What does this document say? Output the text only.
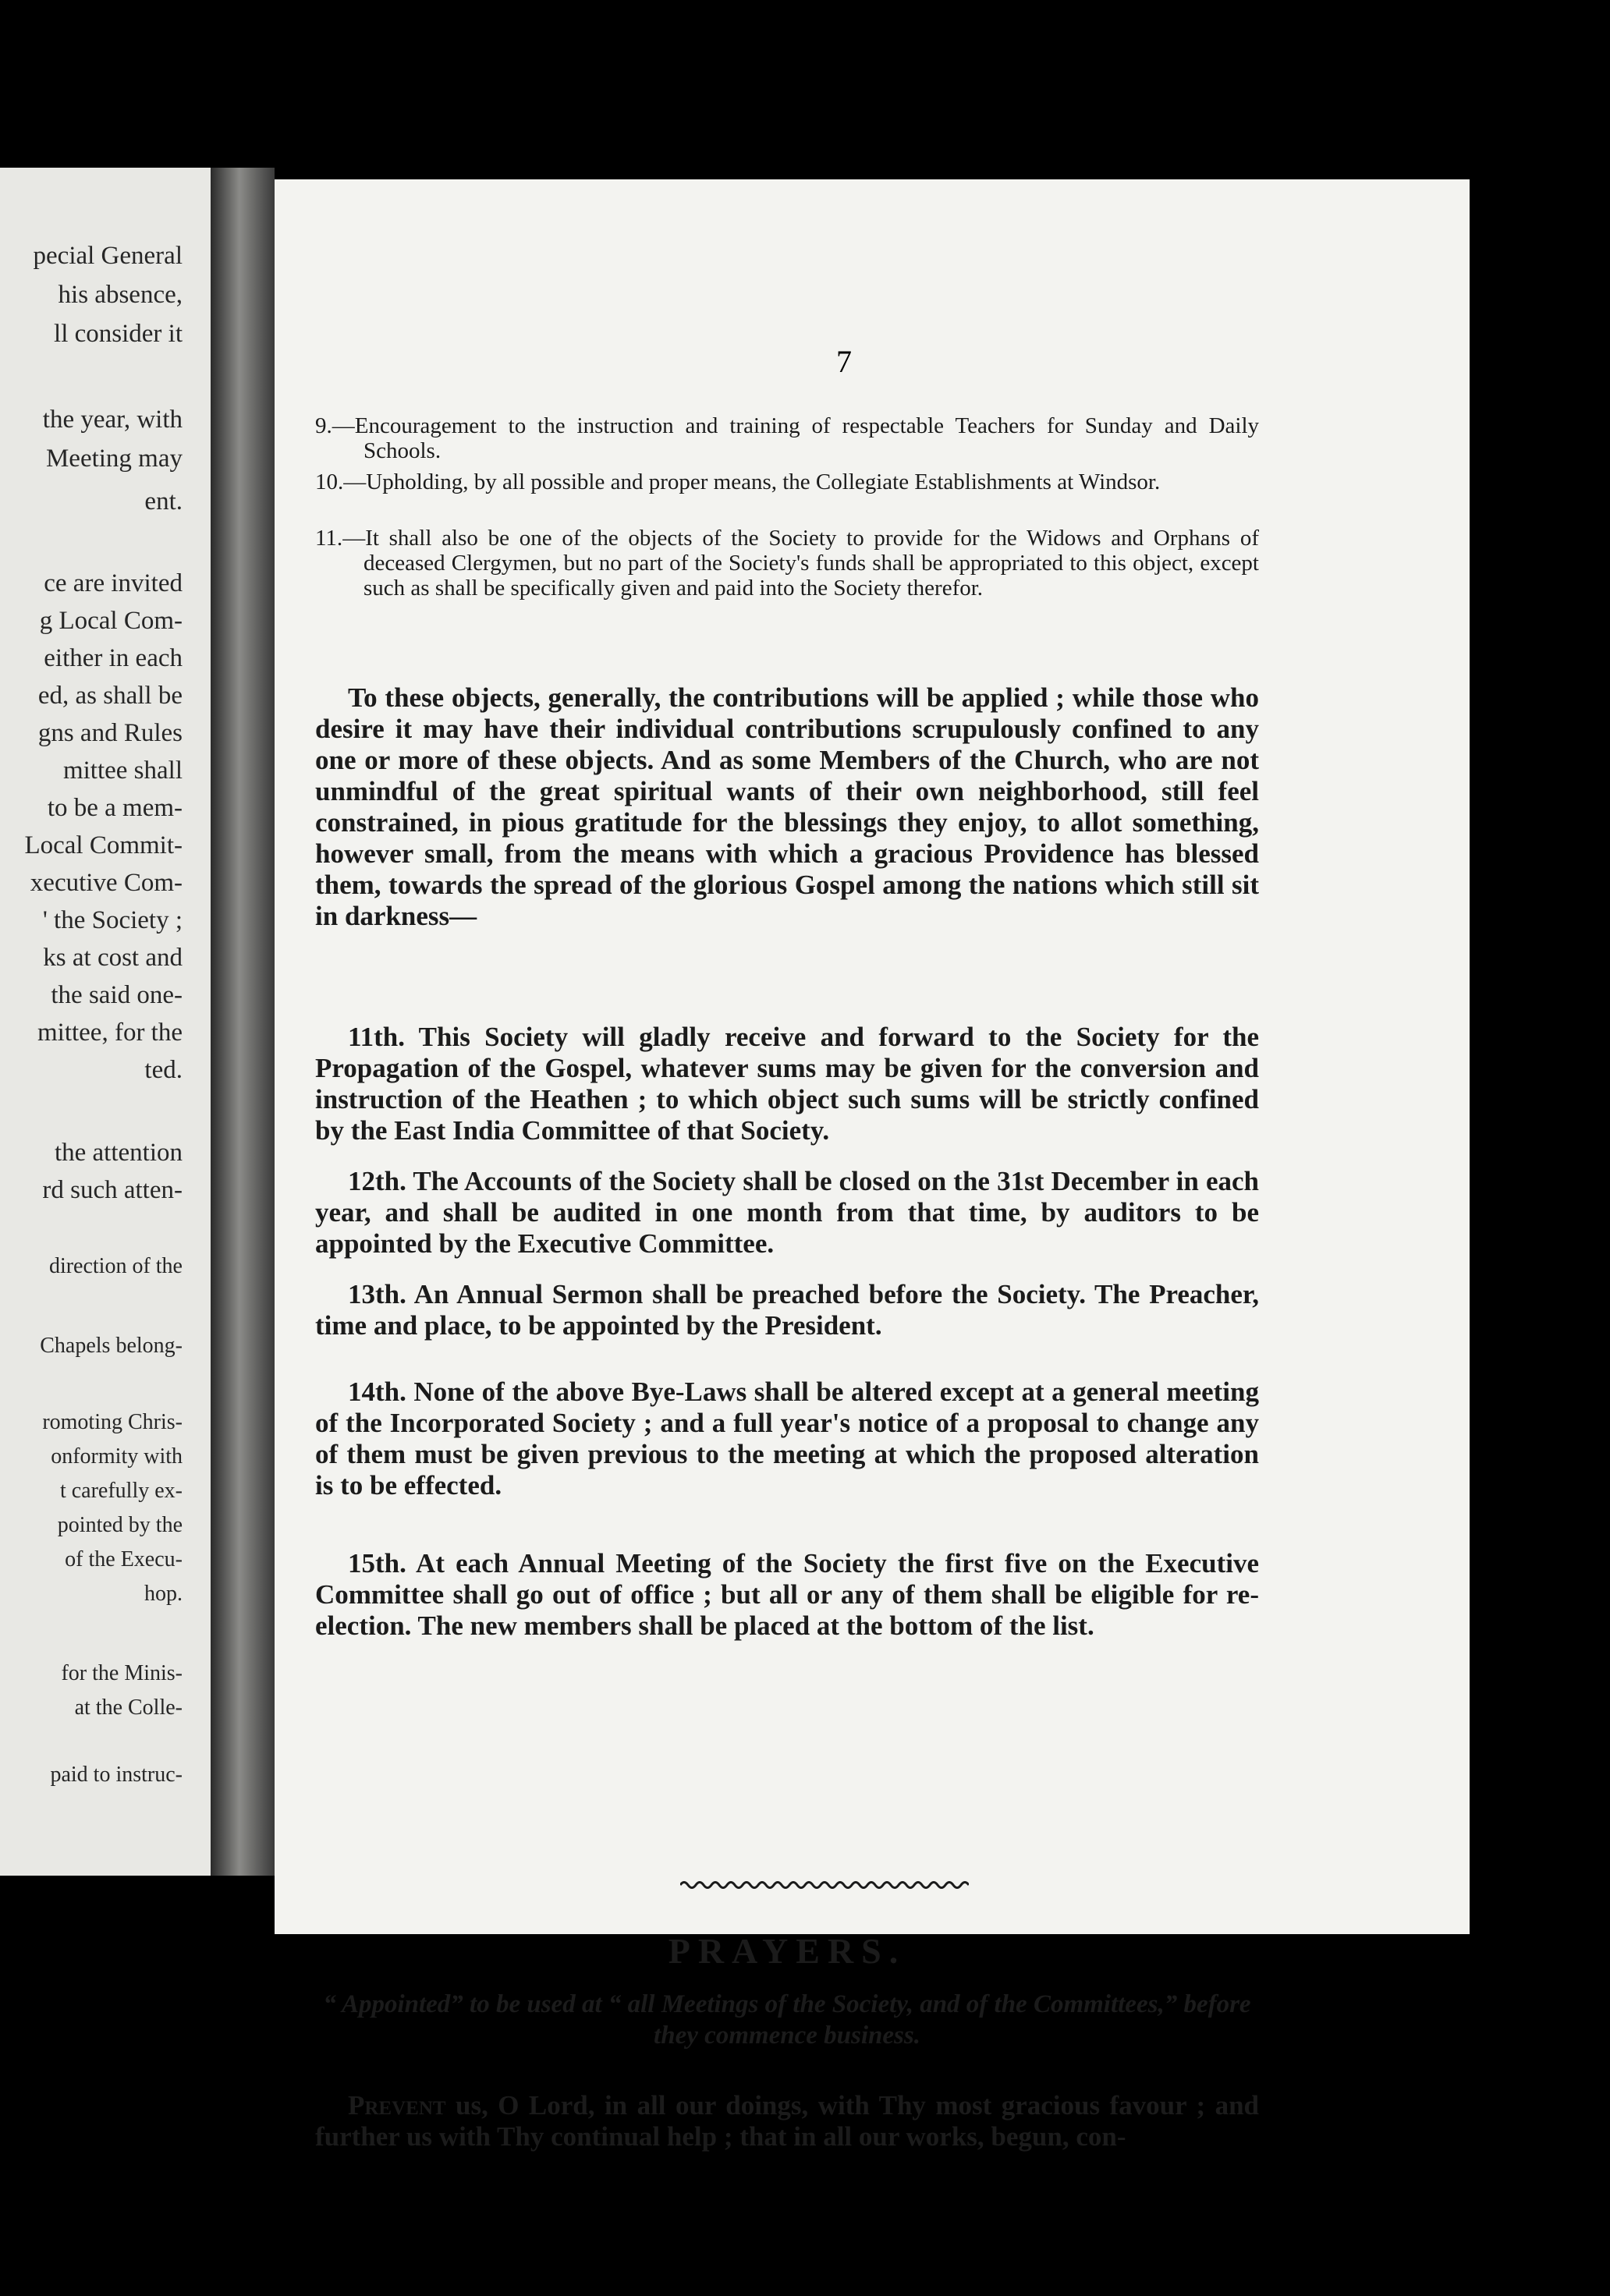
pecial General
his absence,
ll consider it
the year, with
Meeting may
ent.
ce are invited
g Local Com-
either in each
ed, as shall be
gns and Rules
mittee shall
to be a mem-
Local Commit-
xecutive Com-
' the Society ;
ks at cost and
the said one-
mittee, for the
ted.
the attention
rd such atten-
direction of the
Chapels belong-
romoting Chris-
onformity with
t carefully ex-
pointed by the
of the Execu-
hop.
for the Minis-
at the Colle-
paid to instruc-
7

9.—Encouragement to the instruction and training of respectable Teachers for Sunday and Daily Schools.

10.—Upholding, by all possible and proper means, the Collegiate Establishments at Windsor.

11.—It shall also be one of the objects of the Society to provide for the Widows and Orphans of deceased Clergymen, but no part of the Society's funds shall be appropriated to this object, except such as shall be specifically given and paid into the Society therefor.

To these objects, generally, the contributions will be applied ; while those who desire it may have their individual contributions scrupulously confined to any one or more of these objects. And as some Members of the Church, who are not unmindful of the great spiritual wants of their own neighborhood, still feel constrained, in pious gratitude for the blessings they enjoy, to allot something, however small, from the means with which a gracious Providence has blessed them, towards the spread of the glorious Gospel among the nations which still sit in darkness—

11th. This Society will gladly receive and forward to the Society for the Propagation of the Gospel, whatever sums may be given for the conversion and instruction of the Heathen ; to which object such sums will be strictly confined by the East India Committee of that Society.

12th. The Accounts of the Society shall be closed on the 31st December in each year, and shall be audited in one month from that time, by auditors to be appointed by the Executive Committee.

13th. An Annual Sermon shall be preached before the Society. The Preacher, time and place, to be appointed by the President.

14th. None of the above Bye-Laws shall be altered except at a general meeting of the Incorporated Society ; and a full year's notice of a proposal to change any of them must be given previous to the meeting at which the proposed alteration is to be effected.

15th. At each Annual Meeting of the Society the first five on the Executive Committee shall go out of office ; but all or any of them shall be eligible for re-election. The new members shall be placed at the bottom of the list.

PRAYERS.
“ Appointed” to be used at “ all Meetings of the Society, and of the Committees,” before they commence business.

Prevent us, O Lord, in all our doings, with Thy most gracious favour ; and further us with Thy continual help ; that in all our works, begun, con-
